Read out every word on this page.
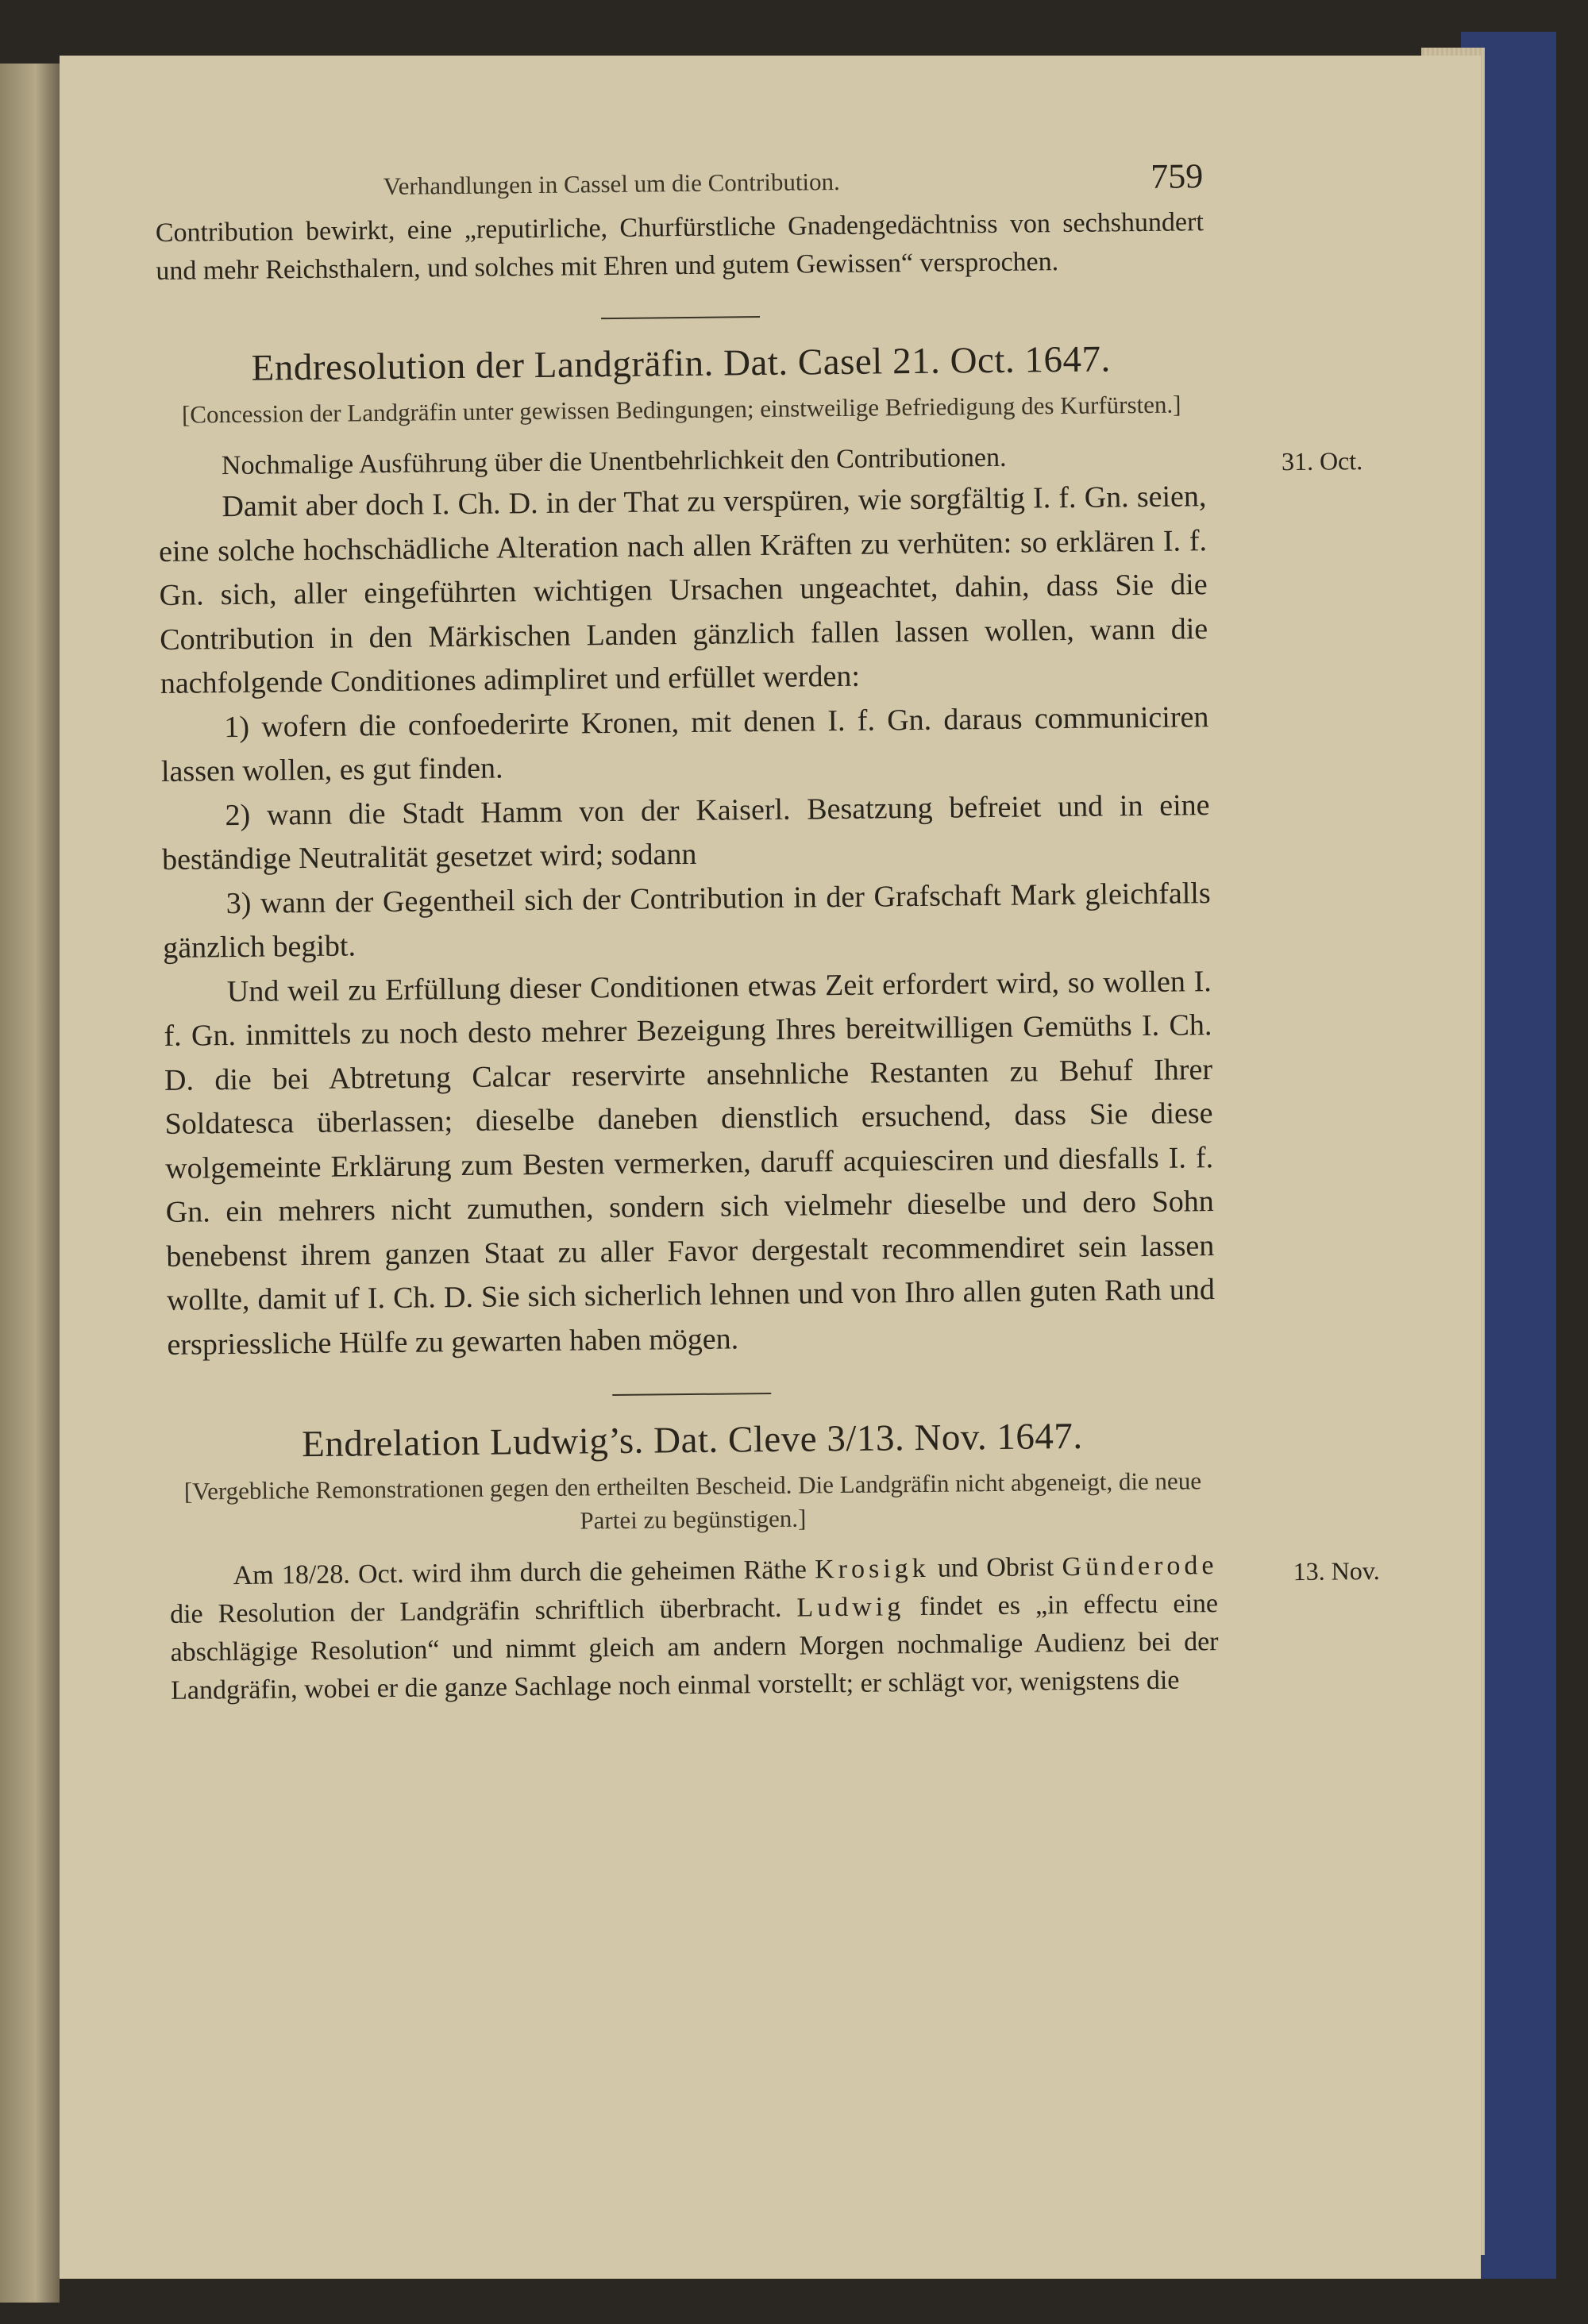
Verhandlungen in Cassel um die Contribution.	759

Contribution bewirkt, eine „reputirliche, Churfürstliche Gnadengedächtniss von sechshundert und mehr Reichsthalern, und solches mit Ehren und gutem Gewissen“ versprochen.

Endresolution der Landgräfin. Dat. Casel 21. Oct. 1647.
[Concession der Landgräfin unter gewissen Bedingungen; einstweilige Befriedigung des Kurfürsten.]

Nochmalige Ausführung über die Unentbehrlichkeit den Contributionen.	31. Oct.

Damit aber doch I. Ch. D. in der That zu verspüren, wie sorgfältig I. f. Gn. seien, eine solche hochschädliche Alteration nach allen Kräften zu verhüten: so erklären I. f. Gn. sich, aller eingeführten wichtigen Ursachen ungeachtet, dahin, dass Sie die Contribution in den Märkischen Landen gänzlich fallen lassen wollen, wann die nachfolgende Conditiones adimpliret und erfüllet werden:

1) wofern die confoederirte Kronen, mit denen I. f. Gn. daraus communiciren lassen wollen, es gut finden.

2) wann die Stadt Hamm von der Kaiserl. Besatzung befreiet und in eine beständige Neutralität gesetzet wird; sodann

3) wann der Gegentheil sich der Contribution in der Grafschaft Mark gleichfalls gänzlich begibt.

Und weil zu Erfüllung dieser Conditionen etwas Zeit erfordert wird, so wollen I. f. Gn. inmittels zu noch desto mehrer Bezeigung Ihres bereitwilligen Gemüths I. Ch. D. die bei Abtretung Calcar reservirte ansehnliche Restanten zu Behuf Ihrer Soldatesca überlassen; dieselbe daneben dienstlich ersuchend, dass Sie diese wolgemeinte Erklärung zum Besten vermerken, daruff acquiesciren und diesfalls I. f. Gn. ein mehrers nicht zumuthen, sondern sich vielmehr dieselbe und dero Sohn benebenst ihrem ganzen Staat zu aller Favor dergestalt recommendiret sein lassen wollte, damit uf I. Ch. D. Sie sich sicherlich lehnen und von Ihro allen guten Rath und erspriessliche Hülfe zu gewarten haben mögen.

Endrelation Ludwig’s. Dat. Cleve 3/13. Nov. 1647.
[Vergebliche Remonstrationen gegen den ertheilten Bescheid. Die Landgräfin nicht abgeneigt, die neue Partei zu begünstigen.]

Am 18/28. Oct. wird ihm durch die geheimen Räthe Krosigk und Obrist Günderode die Resolution der Landgräfin schriftlich überbracht. Ludwig findet es „in effectu eine abschlägige Resolution“ und nimmt gleich am andern Morgen nochmalige Audienz bei der Landgräfin, wobei er die ganze Sachlage noch einmal vorstellt; er schlägt vor, wenigstens die
13. Nov.
